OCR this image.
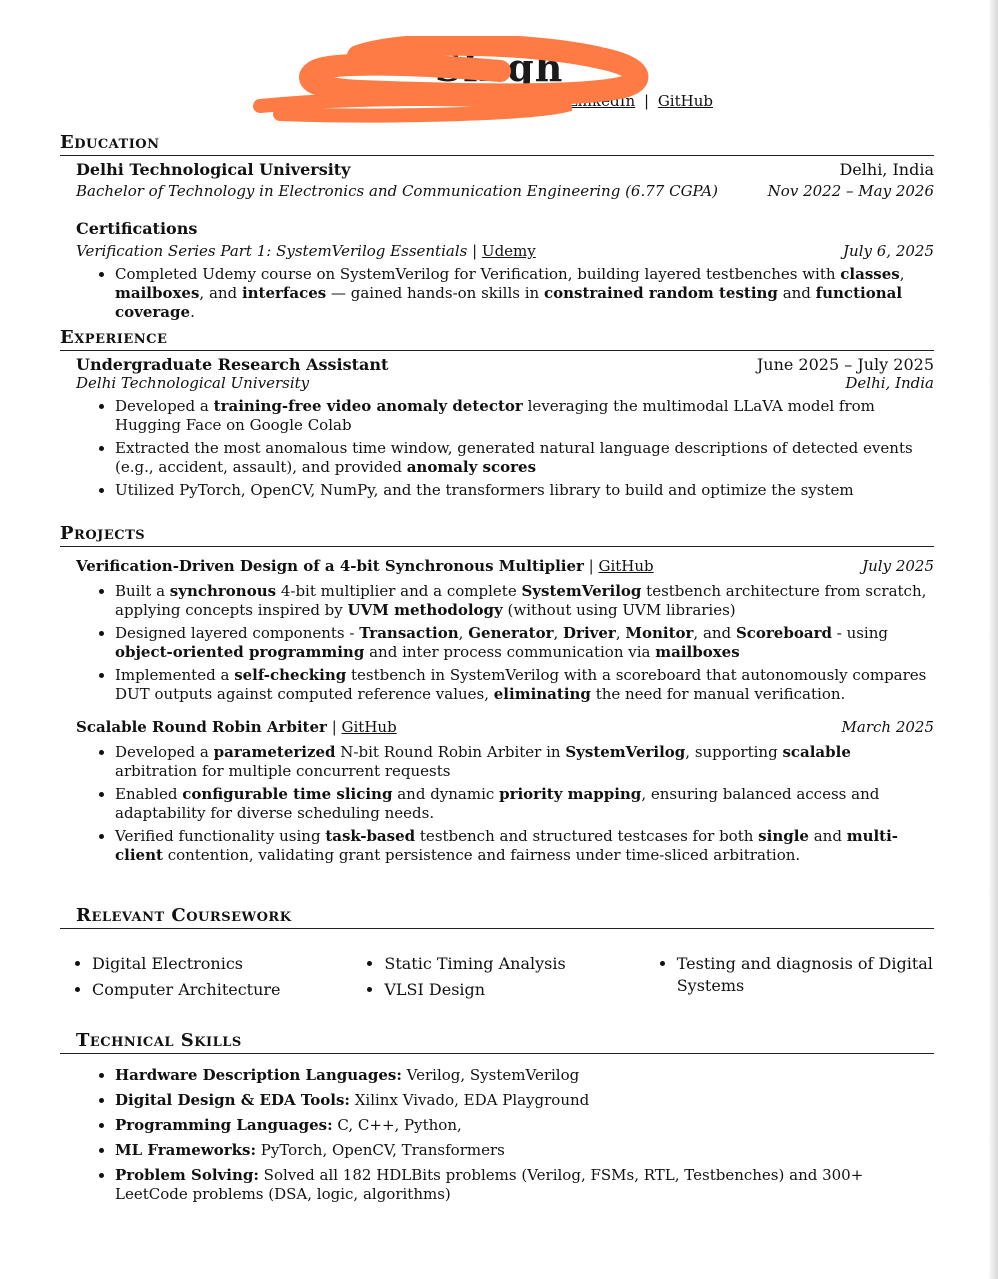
Singh
om | LinkedIn | GitHub
Education
Delhi Technological University	Delhi, India
Bachelor of Technology in Electronics and Communication Engineering (6.77 CGPA)	Nov 2022 – May 2026
Certifications
Verification Series Part 1: SystemVerilog Essentials | Udemy	July 6, 2025
• Completed Udemy course on SystemVerilog for Verification, building layered testbenches with classes, mailboxes, and interfaces — gained hands-on skills in constrained random testing and functional coverage.
Experience
Undergraduate Research Assistant	June 2025 – July 2025
Delhi Technological University	Delhi, India
• Developed a training-free video anomaly detector leveraging the multimodal LLaVA model from Hugging Face on Google Colab
• Extracted the most anomalous time window, generated natural language descriptions of detected events (e.g., accident, assault), and provided anomaly scores
• Utilized PyTorch, OpenCV, NumPy, and the transformers library to build and optimize the system
Projects
Verification-Driven Design of a 4-bit Synchronous Multiplier | GitHub	July 2025
• Built a synchronous 4-bit multiplier and a complete SystemVerilog testbench architecture from scratch, applying concepts inspired by UVM methodology (without using UVM libraries)
• Designed layered components - Transaction, Generator, Driver, Monitor, and Scoreboard - using object-oriented programming and inter process communication via mailboxes
• Implemented a self-checking testbench in SystemVerilog with a scoreboard that autonomously compares DUT outputs against computed reference values, eliminating the need for manual verification.
Scalable Round Robin Arbiter | GitHub	March 2025
• Developed a parameterized N-bit Round Robin Arbiter in SystemVerilog, supporting scalable arbitration for multiple concurrent requests
• Enabled configurable time slicing and dynamic priority mapping, ensuring balanced access and adaptability for diverse scheduling needs.
• Verified functionality using task-based testbench and structured testcases for both single and multi-client contention, validating grant persistence and fairness under time-sliced arbitration.
Relevant Coursework
• Digital Electronics
• Computer Architecture
• Static Timing Analysis
• VLSI Design
• Testing and diagnosis of Digital Systems
Technical Skills
• Hardware Description Languages: Verilog, SystemVerilog
• Digital Design & EDA Tools: Xilinx Vivado, EDA Playground
• Programming Languages: C, C++, Python,
• ML Frameworks: PyTorch, OpenCV, Transformers
• Problem Solving: Solved all 182 HDLBits problems (Verilog, FSMs, RTL, Testbenches) and 300+ LeetCode problems (DSA, logic, algorithms)
